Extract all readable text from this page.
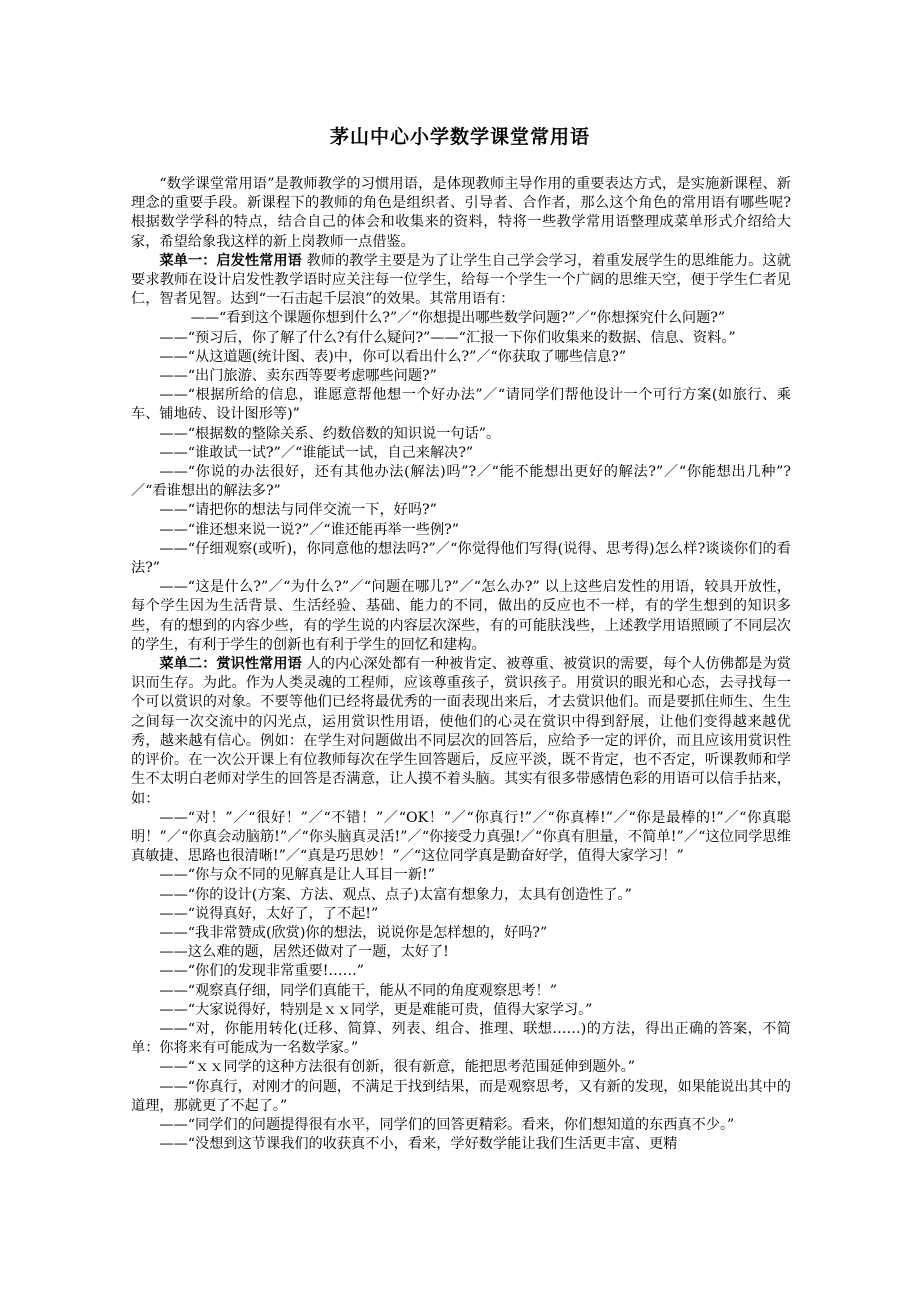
茅山中心小学数学课堂常用语

“数学课堂常用语”是教师教学的习惯用语，是体现教师主导作用的重要表达方式，是实施新课程、新理念的重要手段。新课程下的教师的角色是组织者、引导者、合作者，那么这个角色的常用语有哪些呢?根据数学学科的特点，结合自己的体会和收集来的资料，特将一些教学常用语整理成菜单形式介绍给大家，希望给象我这样的新上岗教师一点借鉴。

菜单一：启发性常用语 教师的教学主要是为了让学生自己学会学习，着重发展学生的思维能力。这就要求教师在设计启发性教学语时应关注每一位学生，给每一个学生一个广阔的思维天空，便于学生仁者见仁，智者见智。达到“一石击起千层浪”的效果。其常用语有：

——“看到这个课题你想到什么?”／“你想提出哪些数学问题?”／“你想探究什么问题?”

——“预习后，你了解了什么?有什么疑问?”——“汇报一下你们收集来的数据、信息、资料。”

——“从这道题(统计图、表)中，你可以看出什么?”／“你获取了哪些信息?”

——“出门旅游、卖东西等要考虑哪些问题?”

——“根据所给的信息，谁愿意帮他想一个好办法”／“请同学们帮他设计一个可行方案(如旅行、乘车、铺地砖、设计图形等)”

——“根据数的整除关系、约数倍数的知识说一句话”。

——“谁敢试一试?”／“谁能试一试，自己来解决?”

——“你说的办法很好，还有其他办法(解法)吗”?／“能不能想出更好的解法?”／“你能想出几种”?／“看谁想出的解法多?”

——“请把你的想法与同伴交流一下，好吗?”

——“谁还想来说一说?”／“谁还能再举一些例?”

——“仔细观察(或听)，你同意他的想法吗?”／“你觉得他们写得(说得、思考得)怎么样?谈谈你们的看法?”

——“这是什么?”／“为什么?”／“问题在哪儿?”／“怎么办?” 以上这些启发性的用语，较具开放性，每个学生因为生活背景、生活经验、基础、能力的不同，做出的反应也不一样，有的学生想到的知识多些，有的想到的内容少些，有的学生说的内容层次深些，有的可能肤浅些，上述教学用语照顾了不同层次的学生，有利于学生的创新也有利于学生的回忆和建构。

菜单二：赏识性常用语 人的内心深处都有一种被肯定、被尊重、被赏识的需要，每个人仿佛都是为赏识而生存。为此。作为人类灵魂的工程师，应该尊重孩子，赏识孩子。用赏识的眼光和心态，去寻找每一个可以赏识的对象。不要等他们已经将最优秀的一面表现出来后，才去赏识他们。而是要抓住师生、生生之间每一次交流中的闪光点，运用赏识性用语，使他们的心灵在赏识中得到舒展，让他们变得越来越优秀，越来越有信心。例如：在学生对问题做出不同层次的回答后，应给予一定的评价，而且应该用赏识性的评价。在一次公开课上有位教师每次在学生回答题后，反应平淡，既不肯定，也不否定，听课教师和学生不太明白老师对学生的回答是否满意，让人摸不着头脑。其实有很多带感情色彩的用语可以信手拈来，如：

——“对！”／“很好！”／“不错！”／“OK！”／“你真行!”／“你真棒!”／“你是最棒的!”／“你真聪明！”／“你真会动脑筋!”／“你头脑真灵活!”／“你接受力真强!／“你真有胆量，不简单!”／“这位同学思维真敏捷、思路也很清晰!”／“真是巧思妙！”／“这位同学真是勤奋好学，值得大家学习！”

——“你与众不同的见解真是让人耳目一新!”

——“你的设计(方案、方法、观点、点子)太富有想象力，太具有创造性了。”

——“说得真好，太好了，了不起!”

——“我非常赞成(欣赏)你的想法，说说你是怎样想的，好吗?”

——这么难的题，居然还做对了一题，太好了!

——“你们的发现非常重要!……”

——“观察真仔细，同学们真能干，能从不同的角度观察思考！”

——“大家说得好，特别是ｘｘ同学，更是难能可贵，值得大家学习。”

——“对，你能用转化(迁移、简算、列表、组合、推理、联想……)的方法，得出正确的答案，不简单：你将来有可能成为一名数学家。”

——“ｘｘ同学的这种方法很有创新，很有新意，能把思考范围延伸到题外。”

——“你真行，对刚才的问题，不满足于找到结果，而是观察思考，又有新的发现，如果能说出其中的道理，那就更了不起了。”

——“同学们的问题提得很有水平，同学们的回答更精彩。看来，你们想知道的东西真不少。”

——“没想到这节课我们的收获真不小，看来，学好数学能让我们生活更丰富、更精
